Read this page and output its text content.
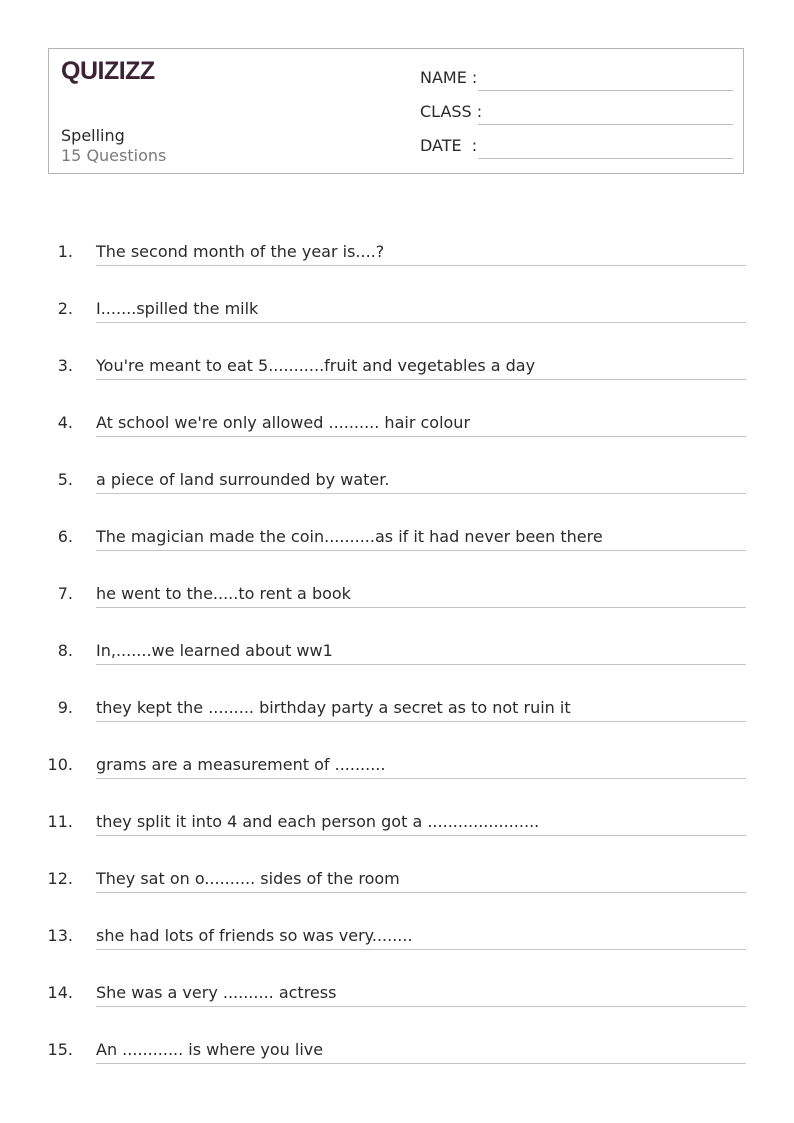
QUIZIZZ
Spelling
15 Questions
NAME :
CLASS :
DATE  :
1. The second month of the year is....?
2. I.......spilled the milk
3. You're meant to eat 5...........fruit and vegetables a day
4. At school we're only allowed .......... hair colour
5. a piece of land surrounded by water.
6. The magician made the coin..........as if it had never been there
7. he went to the.....to rent a book
8. In,.......we learned about ww1
9. they kept the ......... birthday party a secret as to not ruin it
10. grams are a measurement of ..........
11. they split it into 4 and each person got a ......................
12. They sat on o.......... sides of the room
13. she had lots of friends so was very........
14. She was a very .......... actress
15. An ............ is where you live
